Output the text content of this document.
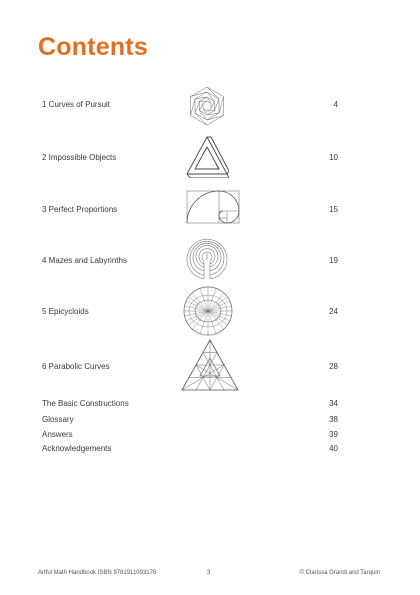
Contents
1 Curves of Pursuit	4
2 Impossible Objects	10
3 Perfect Proportions	15
4 Mazes and Labyrinths	19
5 Epicycloids	24
6 Parabolic Curves	28
The Basic Constructions	34
Glossary	38
Answers	39
Acknowledgements	40
Artful Math Handbook ISBN 9781911093176	3	© Clarissa Grandi and Tarquin
